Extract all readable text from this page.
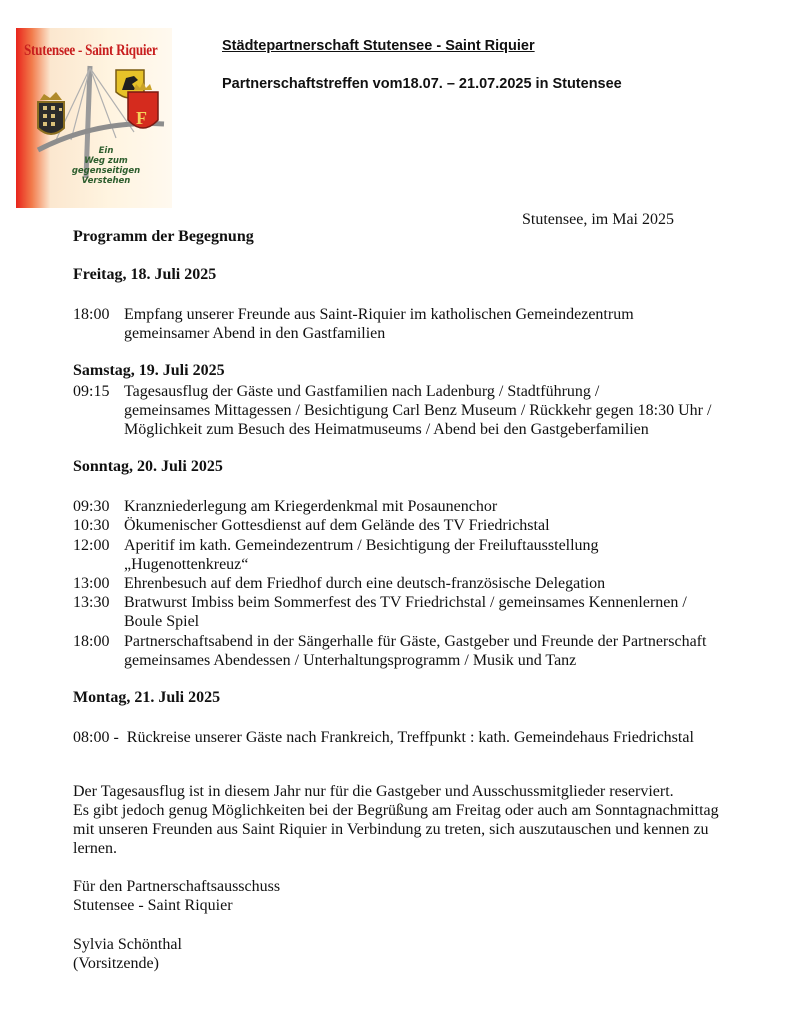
F
Stutensee - Saint Riquier
Ein
Weg zum
gegenseitigen
Verstehen
Städtepartnerschaft Stutensee - Saint Riquier
Partnerschaftstreffen vom18.07. – 21.07.2025 in Stutensee
Stutensee, im Mai 2025
Programm der Begegnung
Freitag, 18. Juli 2025
18:00 Empfang unserer Freunde aus Saint-Riquier im katholischen Gemeindezentrum
gemeinsamer Abend in den Gastfamilien
Samstag, 19. Juli 2025
09:15 Tagesausflug der Gäste und Gastfamilien nach Ladenburg / Stadtführung /
gemeinsames Mittagessen / Besichtigung Carl Benz Museum / Rückkehr gegen 18:30 Uhr /
Möglichkeit zum Besuch des Heimatmuseums / Abend bei den Gastgeberfamilien
Sonntag, 20. Juli 2025
09:30 Kranzniederlegung am Kriegerdenkmal mit Posaunenchor
10:30 Ökumenischer Gottesdienst auf dem Gelände des TV Friedrichstal
12:00 Aperitif im kath. Gemeindezentrum / Besichtigung der Freiluftausstellung
„Hugenottenkreuz“
13:00 Ehrenbesuch auf dem Friedhof durch eine deutsch-französische Delegation
13:30 Bratwurst Imbiss beim Sommerfest des TV Friedrichstal / gemeinsames Kennenlernen /
Boule Spiel
18:00 Partnerschaftsabend in der Sängerhalle für Gäste, Gastgeber und Freunde der Partnerschaft
gemeinsames Abendessen / Unterhaltungsprogramm / Musik und Tanz
Montag, 21. Juli 2025
08:00 - Rückreise unserer Gäste nach Frankreich, Treffpunkt : kath. Gemeindehaus Friedrichstal
Der Tagesausflug ist in diesem Jahr nur für die Gastgeber und Ausschussmitglieder reserviert.
Es gibt jedoch genug Möglichkeiten bei der Begrüßung am Freitag oder auch am Sonntagnachmittag
mit unseren Freunden aus Saint Riquier in Verbindung zu treten, sich auszutauschen und kennen zu
lernen.
Für den Partnerschaftsausschuss
Stutensee - Saint Riquier
Sylvia Schönthal
(Vorsitzende)
